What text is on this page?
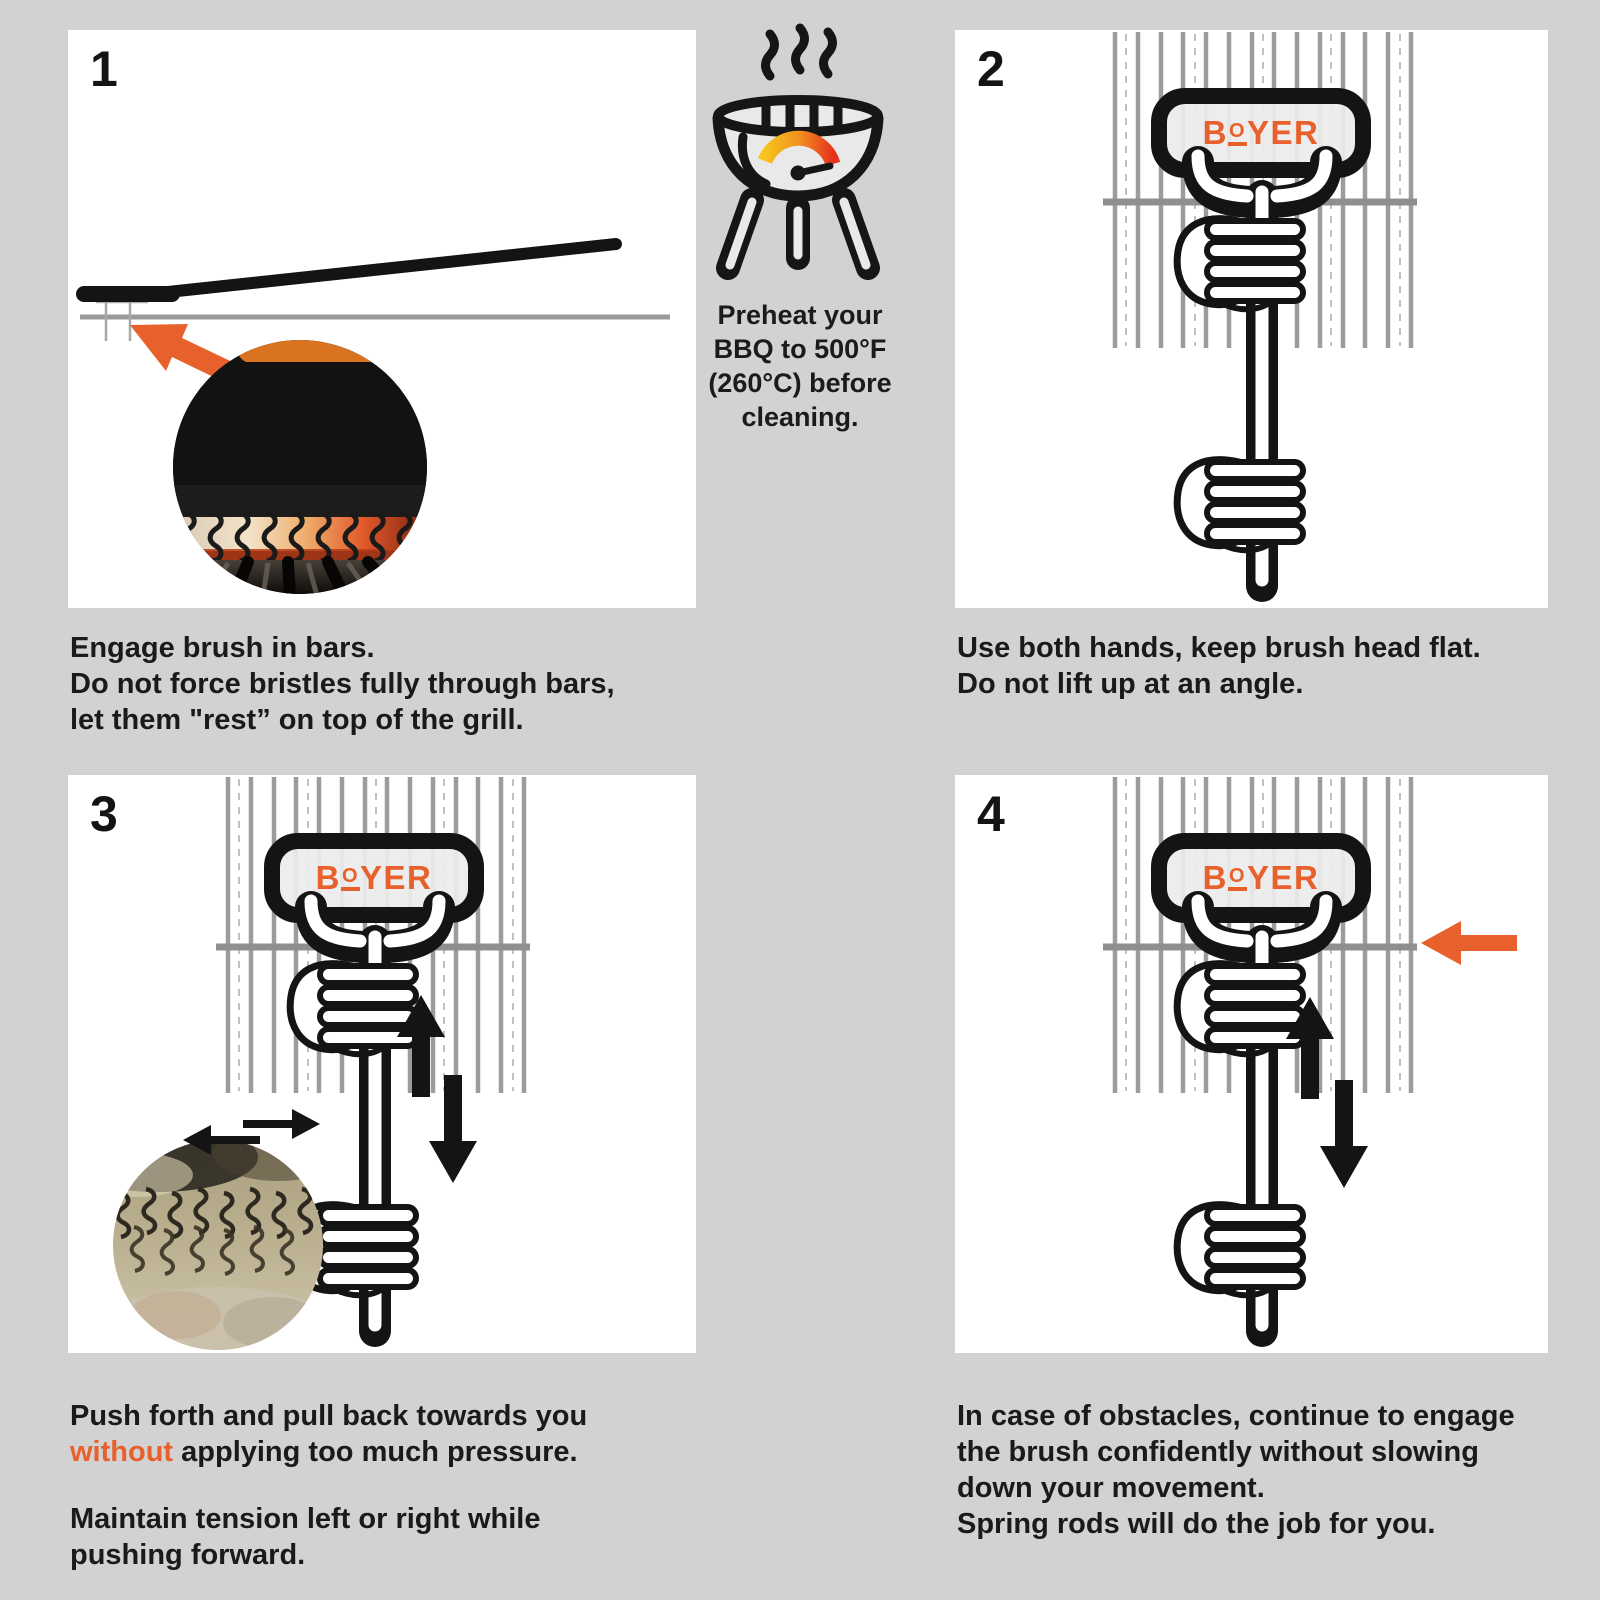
1	2
3	4
BOYER
BOYER	BOYER
Preheat your
BBQ to 500°F
(260°C) before
cleaning.
Engage brush in bars.
Do not force bristles fully through bars,
let them "rest” on top of the grill.
Use both hands, keep brush head flat.
Do not lift up at an angle.
Push forth and pull back towards you
without applying too much pressure.
Maintain tension left or right while
pushing forward.
In case of obstacles, continue to engage
the brush confidently without slowing
down your movement.
Spring rods will do the job for you.
